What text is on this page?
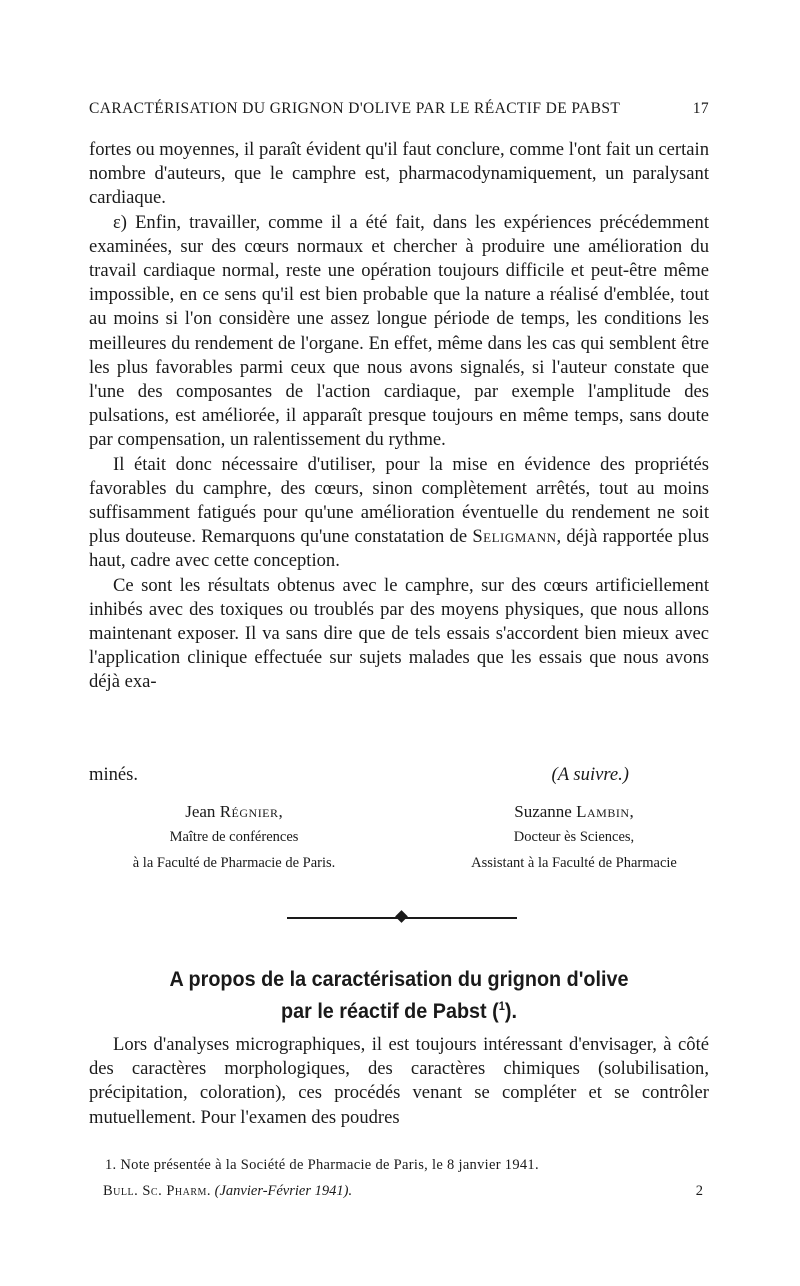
CARACTÉRISATION DU GRIGNON D'OLIVE PAR LE RÉACTIF DE PABST	17

fortes ou moyennes, il paraît évident qu'il faut conclure, comme l'ont fait un certain nombre d'auteurs, que le camphre est, pharmacodynamiquement, un paralysant cardiaque.

ε) Enfin, travailler, comme il a été fait, dans les expériences précédemment examinées, sur des cœurs normaux et chercher à produire une amélioration du travail cardiaque normal, reste une opération toujours difficile et peut-être même impossible, en ce sens qu'il est bien probable que la nature a réalisé d'emblée, tout au moins si l'on considère une assez longue période de temps, les conditions les meilleures du rendement de l'organe. En effet, même dans les cas qui semblent être les plus favorables parmi ceux que nous avons signalés, si l'auteur constate que l'une des composantes de l'action cardiaque, par exemple l'amplitude des pulsations, est améliorée, il apparaît presque toujours en même temps, sans doute par compensation, un ralentissement du rythme.

Il était donc nécessaire d'utiliser, pour la mise en évidence des propriétés favorables du camphre, des cœurs, sinon complètement arrêtés, tout au moins suffisamment fatigués pour qu'une amélioration éventuelle du rendement ne soit plus douteuse. Remarquons qu'une constatation de Seligmann, déjà rapportée plus haut, cadre avec cette conception.

Ce sont les résultats obtenus avec le camphre, sur des cœurs artificiellement inhibés avec des toxiques ou troublés par des moyens physiques, que nous allons maintenant exposer. Il va sans dire que de tels essais s'accordent bien mieux avec l'application clinique effectuée sur sujets malades que les essais que nous avons déjà exa-

minés.	(A suivre.)
Jean Régnier,
Maître de conférences
à la Faculté de Pharmacie de Paris.
Suzanne Lambin,
Docteur ès Sciences,
Assistant à la Faculté de Pharmacie
A propos de la caractérisation du grignon d'olive
par le réactif de Pabst ($^1$).

Lors d'analyses micrographiques, il est toujours intéressant d'envisager, à côté des caractères morphologiques, des caractères chimiques (solubilisation, précipitation, coloration), ces procédés venant se compléter et se contrôler mutuellement. Pour l'examen des poudres

1. Note présentée à la Société de Pharmacie de Paris, le 8 janvier 1941.
Bull. Sc. Pharm. (Janvier-Février 1941).	2
